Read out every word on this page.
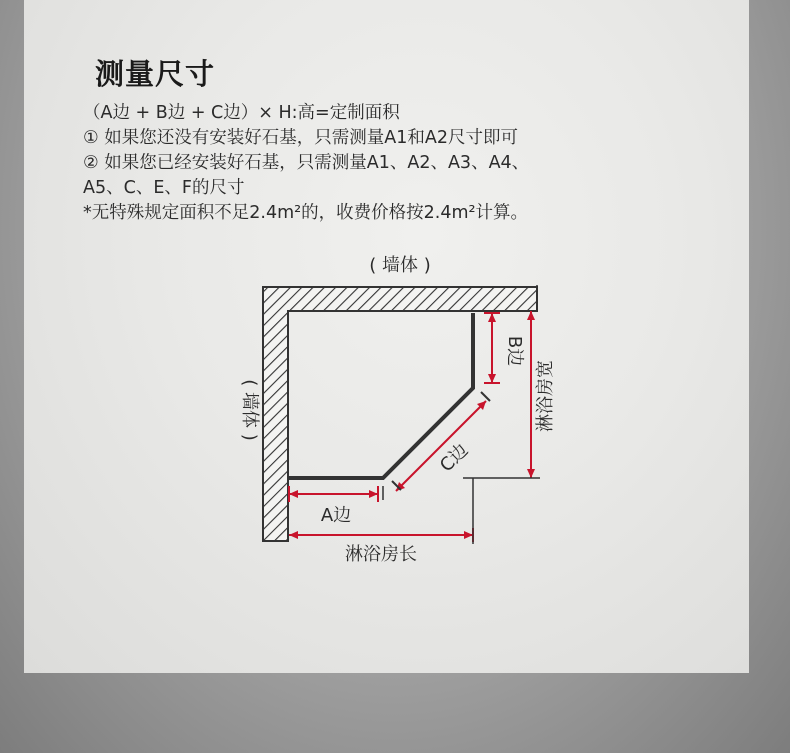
测量尺寸
（A边 + B边 + C边）× H:高=定制面积
① 如果您还没有安装好石基，只需测量A1和A2尺寸即可
② 如果您已经安装好石基，只需测量A1、A2、A3、A4、
A5、C、E、F的尺寸
*无特殊规定面积不足2.4m²的，收费价格按2.4m²计算。
( 墙体 )
( 墙体 )
A边
淋浴房长
B边
C边
淋浴房宽
